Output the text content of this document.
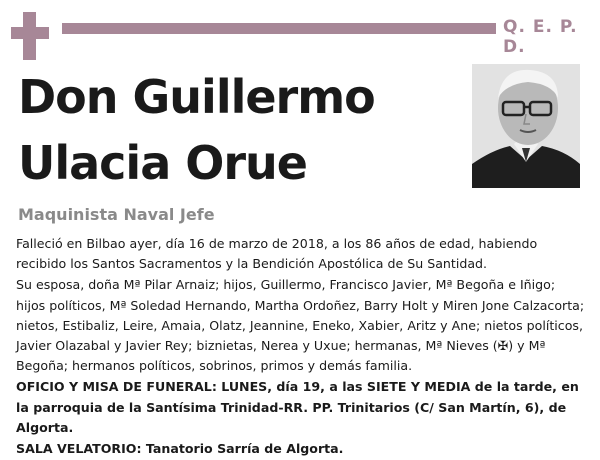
Q. E. P. D.
Don Guillermo
Ulacia Orue
Maquinista Naval Jefe

Falleció en Bilbao ayer, día 16 de marzo de 2018, a los 86 años de edad, habiendo recibido los Santos Sacramentos y la Bendición Apostólica de Su Santidad.

Su esposa, doña Mª Pilar Arnaiz; hijos, Guillermo, Francisco Javier, Mª Begoña e Iñigo; hijos políticos, Mª Soledad Hernando, Martha Ordoñez, Barry Holt y Miren Jone Calzacorta; nietos, Estibaliz, Leire, Amaia, Olatz, Jeannine, Eneko, Xabier, Aritz y Ane; nietos políticos, Javier Olazabal y Javier Rey; biznietas, Nerea y Uxue; hermanas, Mª Nieves (✠) y Mª Begoña; hermanos políticos, sobrinos, primos y demás familia.

OFICIO Y MISA DE FUNERAL: LUNES, día 19, a las SIETE Y MEDIA de la tarde, en la parroquia de la Santísima Trinidad-RR. PP. Trinitarios (C/ San Martín, 6), de Algorta.

SALA VELATORIO: Tanatorio Sarría de Algorta.
